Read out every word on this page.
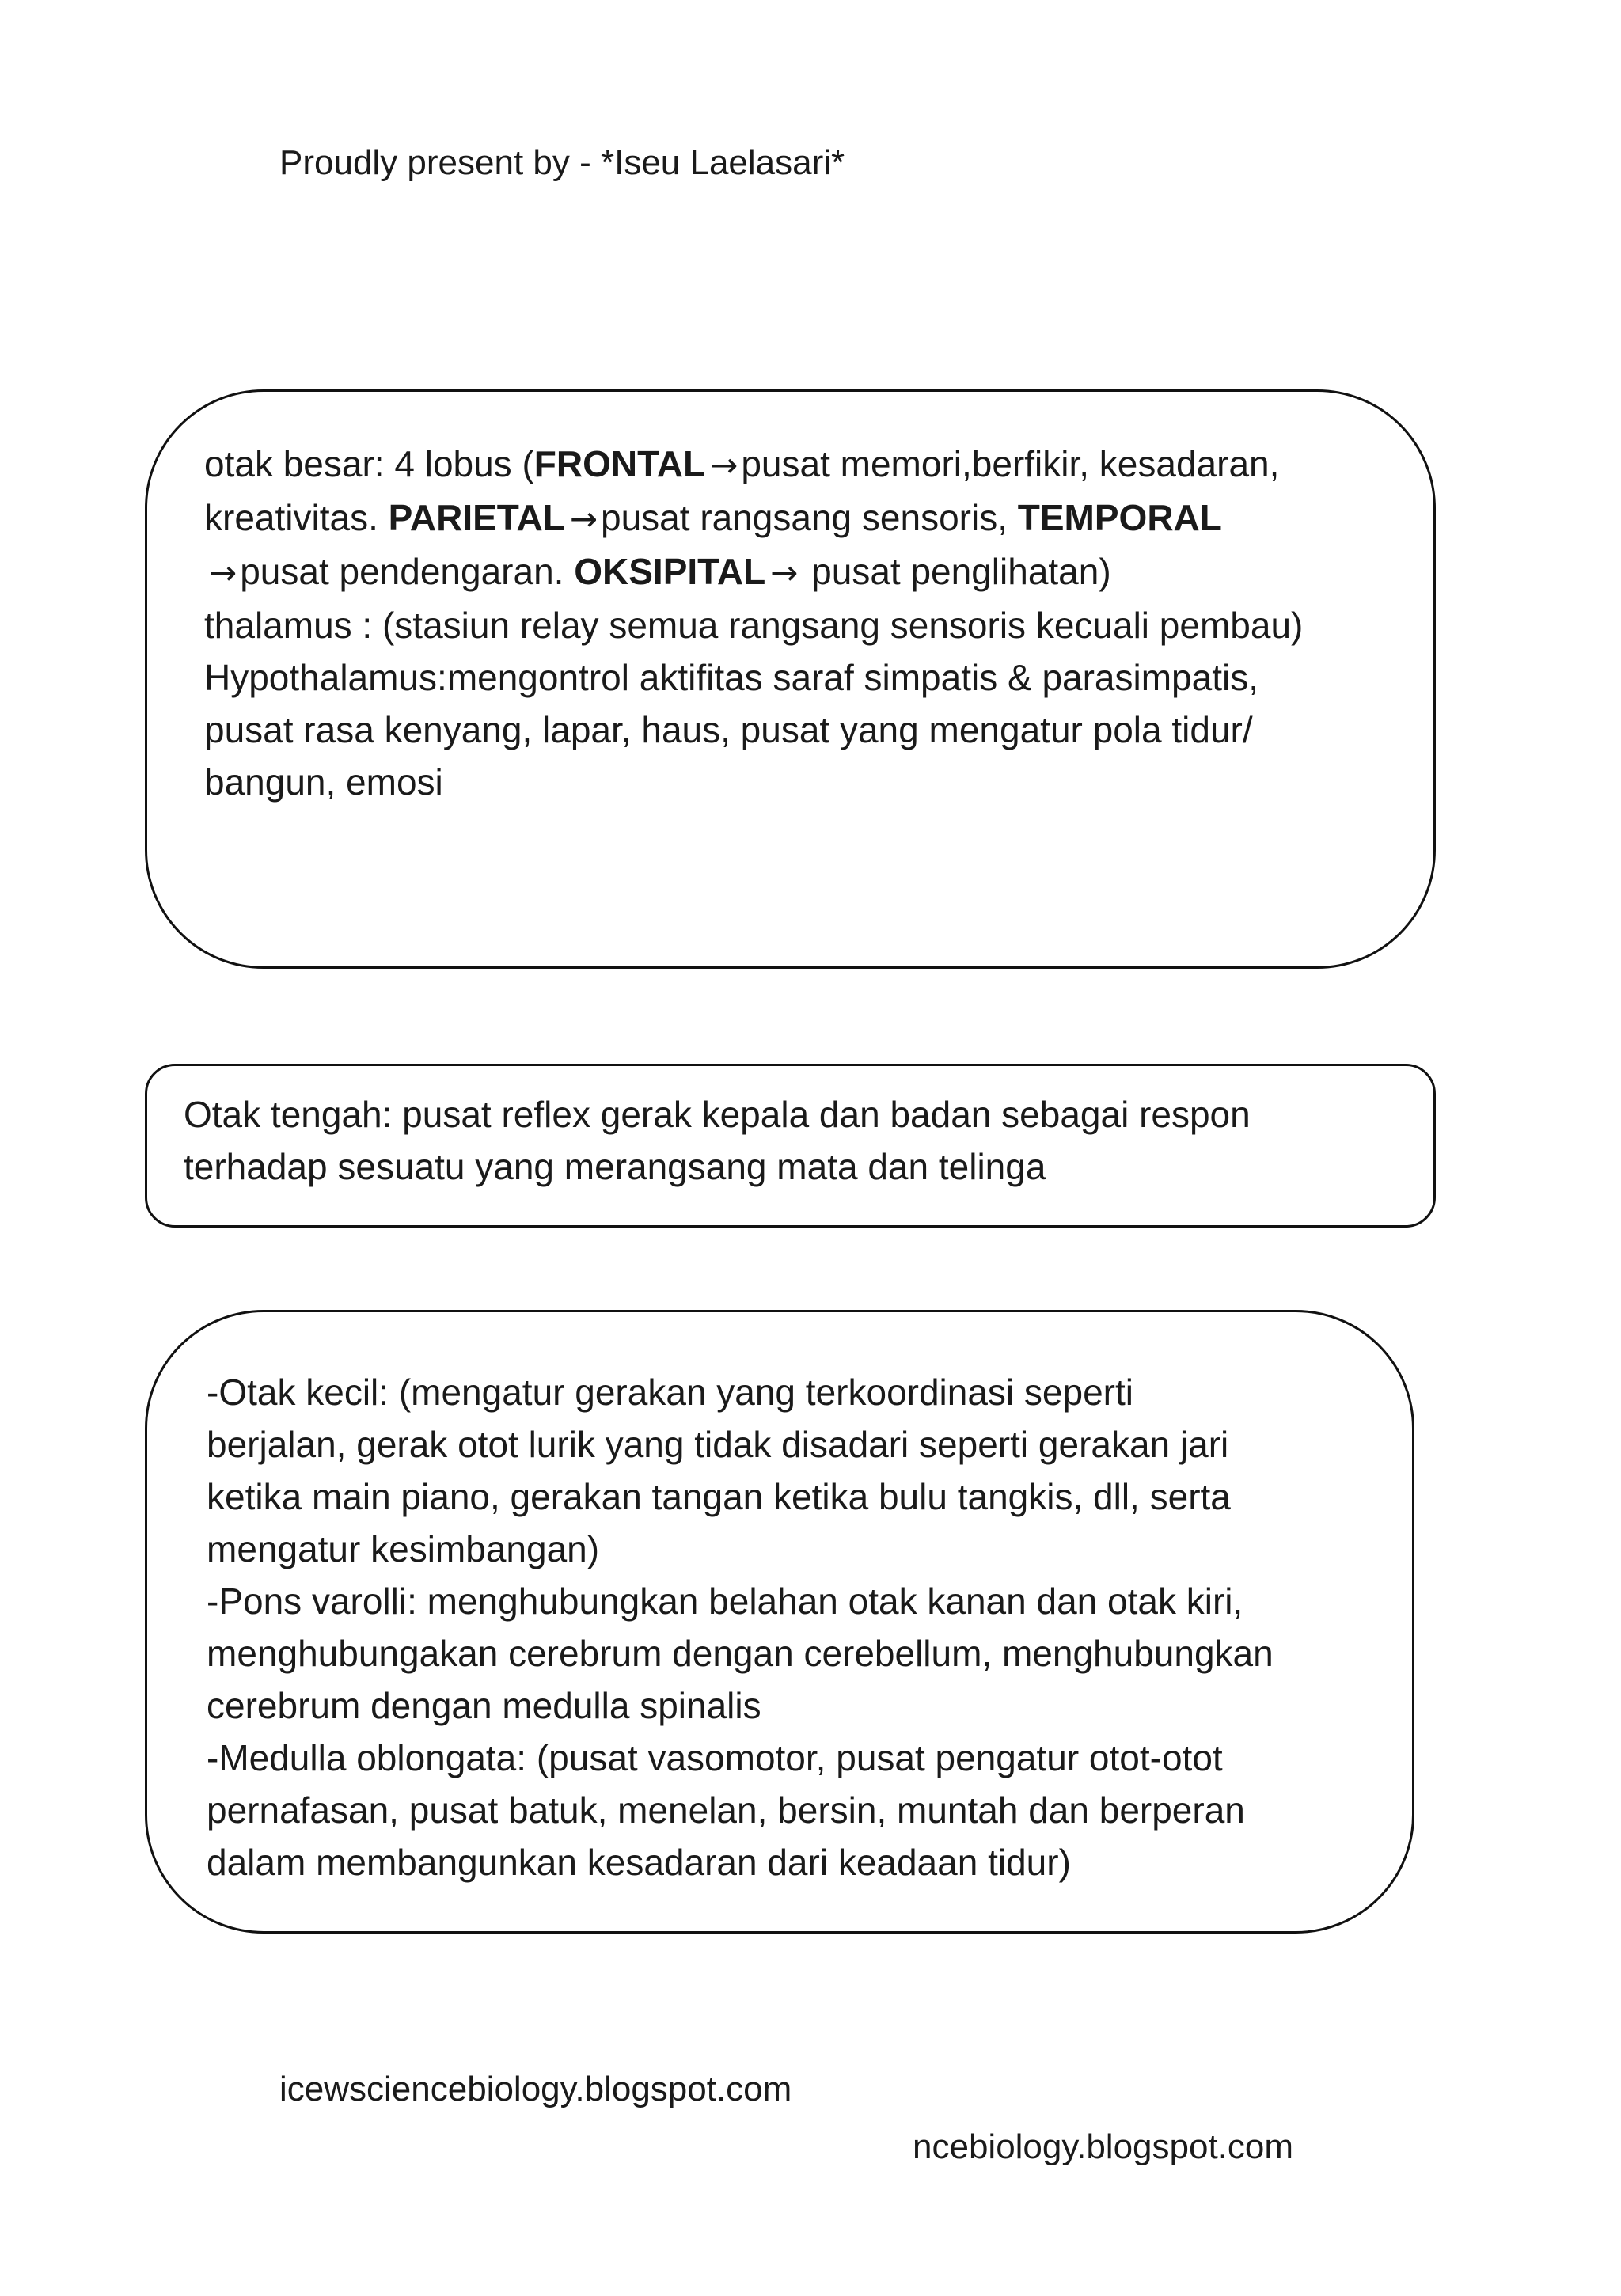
Proudly present by - *Iseu Laelasari*
otak besar: 4 lobus (FRONTAL →pusat memori,berfikir, kesadaran,
kreativitas. PARIETAL →pusat rangsang sensoris, TEMPORAL
→pusat pendengaran. OKSIPITAL → pusat penglihatan)
thalamus : (stasiun relay semua rangsang sensoris kecuali pembau)
Hypothalamus:mengontrol aktifitas saraf simpatis & parasimpatis,
pusat rasa kenyang, lapar, haus, pusat yang mengatur pola tidur/
bangun, emosi
Otak tengah: pusat reflex gerak kepala dan badan sebagai respon
terhadap sesuatu yang merangsang mata dan telinga
-Otak kecil: (mengatur gerakan yang terkoordinasi seperti
berjalan, gerak otot lurik yang tidak disadari seperti gerakan jari
ketika main piano, gerakan tangan ketika bulu tangkis, dll, serta
mengatur kesimbangan)
-Pons varolli: menghubungkan belahan otak kanan dan otak kiri,
menghubungakan cerebrum dengan cerebellum, menghubungkan
cerebrum dengan medulla spinalis
-Medulla oblongata: (pusat vasomotor, pusat pengatur otot-otot
pernafasan, pusat batuk, menelan, bersin, muntah dan berperan
dalam membangunkan kesadaran dari keadaan tidur)
icewsciencebiology.blogspot.com
ncebiology.blogspot.com
